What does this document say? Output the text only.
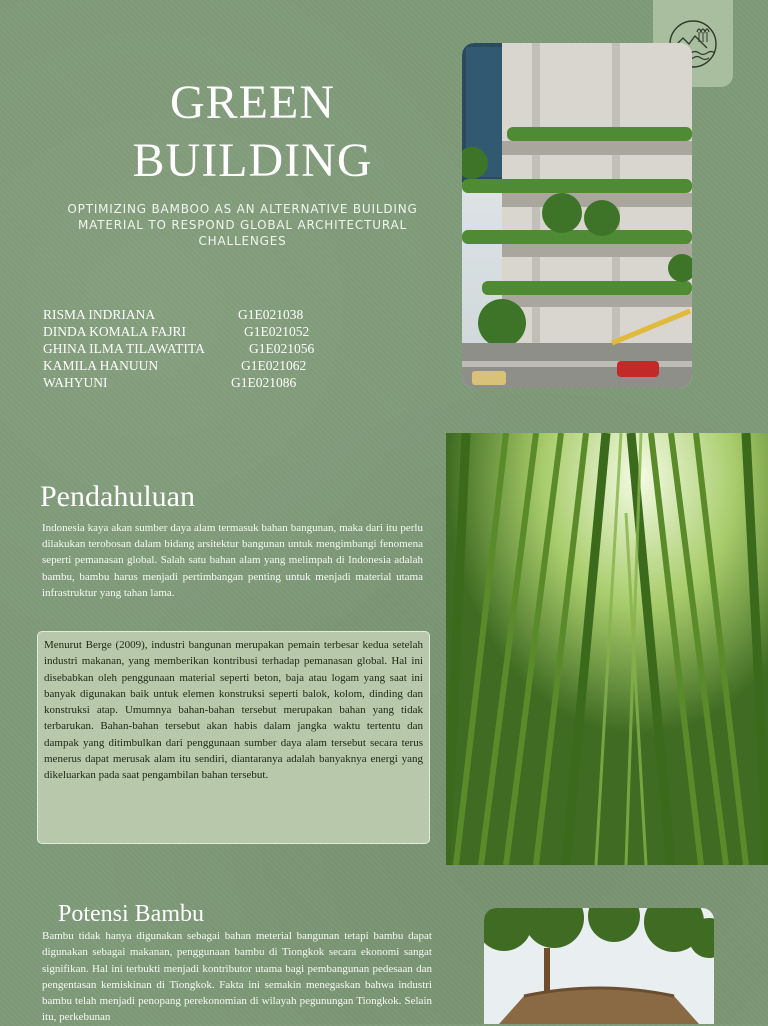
GREEN
BUILDING
OPTIMIZING BAMBOO AS AN ALTERNATIVE BUILDING MATERIAL TO RESPOND GLOBAL ARCHITECTURAL CHALLENGES
RISMA INDRIANA	G1E021038
DINDA KOMALA FAJRI	G1E021052
GHINA ILMA TILAWATITA	G1E021056
KAMILA HANUUN	G1E021062
WAHYUNI	G1E021086
Pendahuluan

Indonesia kaya akan sumber daya alam termasuk bahan bangunan, maka dari itu perlu dilakukan terobosan dalam bidang arsitektur bangunan untuk mengimbangi fenomena seperti pemanasan global. Salah satu bahan alam yang melimpah di Indonesia adalah bambu, bambu harus menjadi pertimbangan penting untuk menjadi material utama infrastruktur yang tahan lama.

Menurut Berge (2009), industri bangunan merupakan pemain terbesar kedua setelah industri makanan, yang memberikan kontribusi terhadap pemanasan global. Hal ini disebabkan oleh penggunaan material seperti beton, baja atau logam yang saat ini banyak digunakan baik untuk elemen konstruksi seperti balok, kolom, dinding dan konstruksi atap. Umumnya bahan-bahan tersebut merupakan bahan yang tidak terbarukan. Bahan-bahan tersebut akan habis dalam jangka waktu tertentu dan dampak yang ditimbulkan dari penggunaan sumber daya alam tersebut secara terus menerus dapat merusak alam itu sendiri, diantaranya adalah banyaknya energi yang dikeluarkan pada saat pengambilan bahan tersebut.

Potensi Bambu

Bambu tidak hanya digunakan sebagai bahan meterial bangunan tetapi bambu dapat digunakan sebagai makanan, penggunaan bambu di Tiongkok secara ekonomi sangat signifikan. Hal ini terbukti menjadi kontributor utama bagi pembangunan pedesaan dan pengentasan kemiskinan di Tiongkok. Fakta ini semakin menegaskan bahwa industri bambu telah menjadi penopang perekonomian di wilayah pegunungan Tiongkok. Selain itu, perkebunan
